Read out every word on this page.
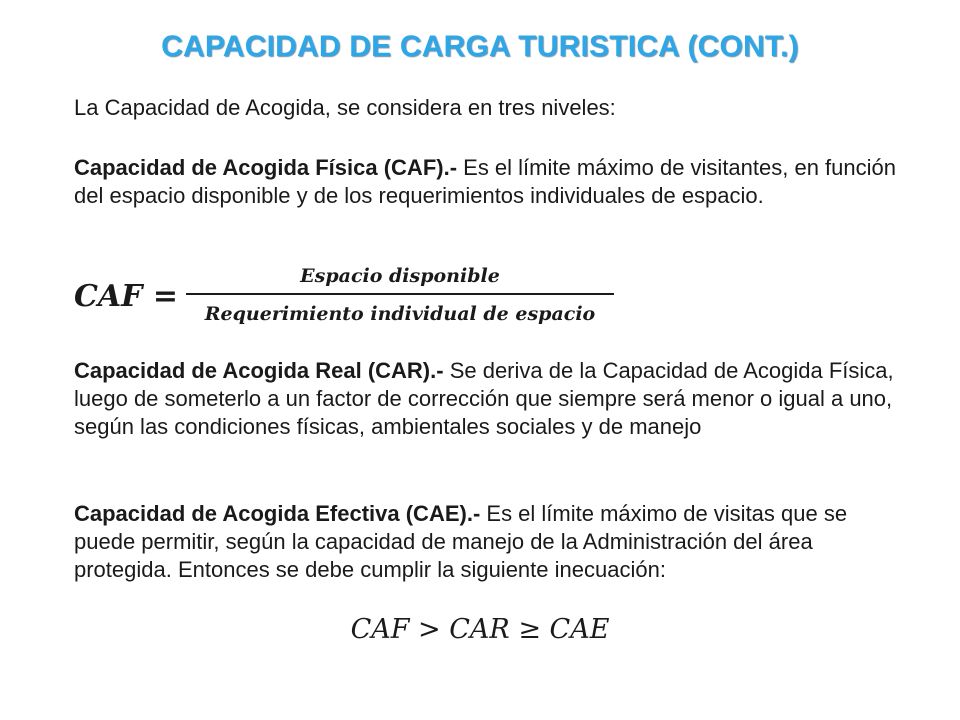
CAPACIDAD DE CARGA TURISTICA (CONT.)
La Capacidad de Acogida, se considera en tres niveles:
Capacidad de Acogida Física (CAF).- Es el límite máximo de visitantes, en función del espacio disponible y de los requerimientos individuales de espacio.
CAF =
Espacio disponible
Requerimiento individual de espacio
Capacidad de Acogida Real (CAR).- Se deriva de la Capacidad de Acogida Física, luego de someterlo a un factor de corrección que siempre será menor o igual a uno, según las condiciones físicas, ambientales sociales y de manejo
Capacidad de Acogida Efectiva (CAE).- Es el límite máximo de visitas que se puede permitir, según la capacidad de manejo de la Administración del área protegida. Entonces se debe cumplir la siguiente inecuación:
CAF > CAR ≥ CAE
